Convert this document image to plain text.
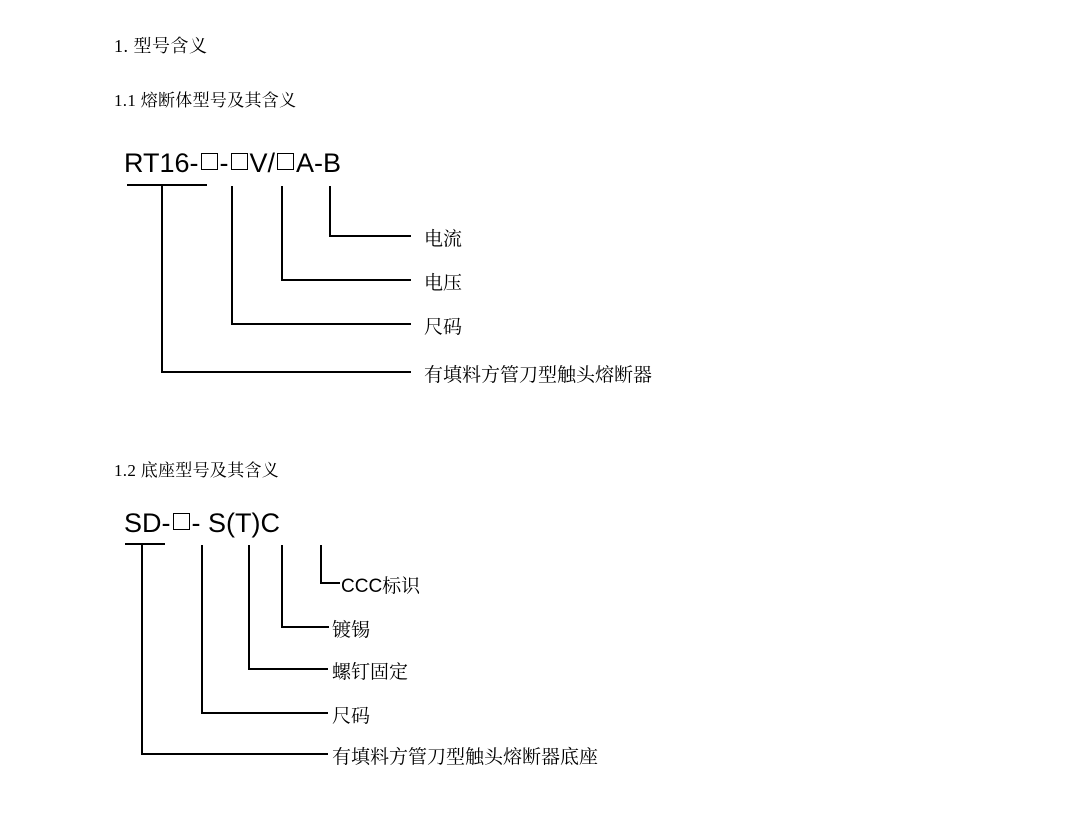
1. 型号含义
1.1 熔断体型号及其含义
RT16- - V/ A-B
电流
电压
尺码
有填料方管刀型触头熔断器
1.2 底座型号及其含义
SD- - S(T)C
CCC标识
镀锡
螺钉固定
尺码
有填料方管刀型触头熔断器底座
